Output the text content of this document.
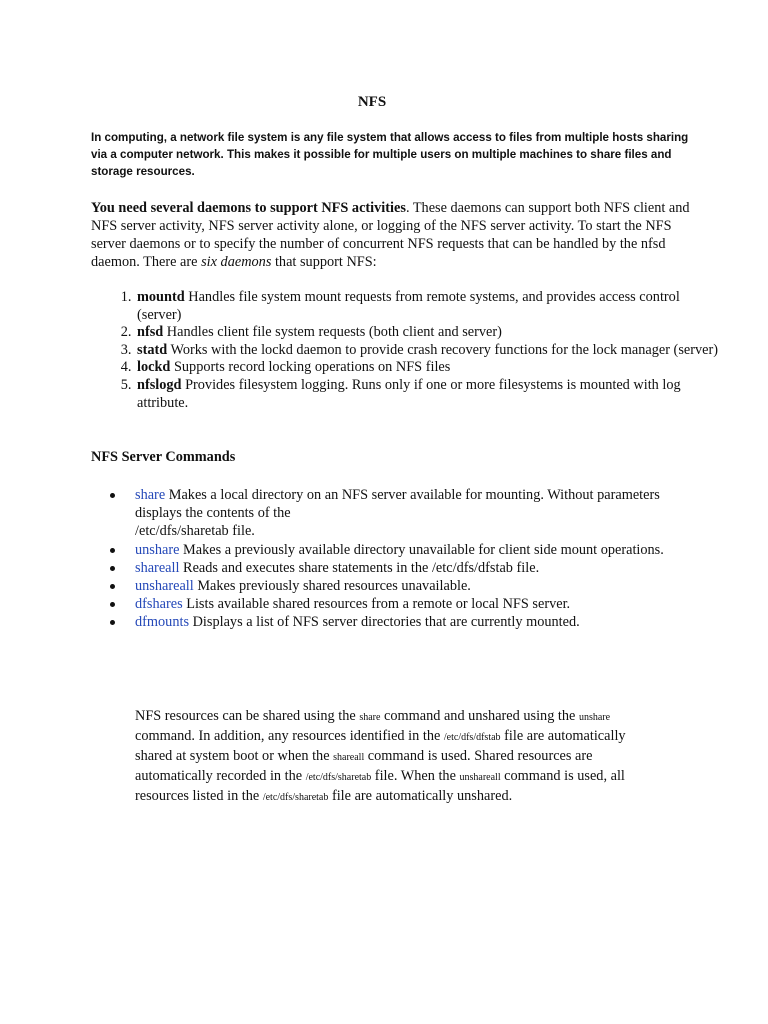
NFS
In computing, a network file system is any file system that allows access to files from multiple hosts sharing via a computer network. This makes it possible for multiple users on multiple machines to share files and storage resources.
You need several daemons to support NFS activities. These daemons can support both NFS client and NFS server activity, NFS server activity alone, or logging of the NFS server activity. To start the NFS server daemons or to specify the number of concurrent NFS requests that can be handled by the nfsd daemon. There are six daemons that support NFS:
1. mountd Handles file system mount requests from remote systems, and provides access control (server)
2. nfsd Handles client file system requests (both client and server)
3. statd Works with the lockd daemon to provide crash recovery functions for the lock manager (server)
4. lockd Supports record locking operations on NFS files
5. nfslogd Provides filesystem logging. Runs only if one or more filesystems is mounted with log attribute.
NFS Server Commands
share Makes a local directory on an NFS server available for mounting. Without parameters displays the contents of the
/etc/dfs/sharetab file.
unshare Makes a previously available directory unavailable for client side mount operations.
shareall Reads and executes share statements in the /etc/dfs/dfstab file.
unshareall Makes previously shared resources unavailable.
dfshares Lists available shared resources from a remote or local NFS server.
dfmounts Displays a list of NFS server directories that are currently mounted.
NFS resources can be shared using the share command and unshared using the unshare command. In addition, any resources identified in the /etc/dfs/dfstab file are automatically shared at system boot or when the shareall command is used. Shared resources are automatically recorded in the /etc/dfs/sharetab file. When the unshareall command is used, all resources listed in the /etc/dfs/sharetab file are automatically unshared.
